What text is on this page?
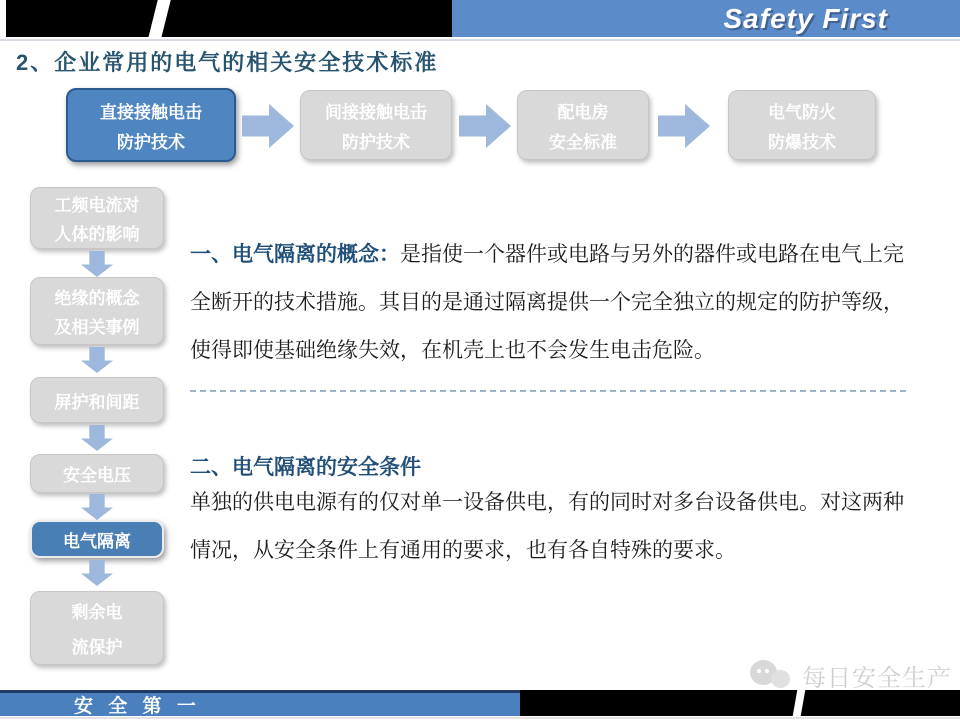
Safety First
2、企业常用的电气的相关安全技术标准
直接接触电击
防护技术
间接接触电击
防护技术
配电房
安全标准
电气防火
防爆技术
工频电流对
人体的影响
绝缘的概念
及相关事例
屏护和间距
安全电压
电气隔离
剩余电
流保护

一、电气隔离的概念：是指使一个器件或电路与另外的器件或电路在电气上完全断开的技术措施。其目的是通过隔离提供一个完全独立的规定的防护等级，使得即使基础绝缘失效，在机壳上也不会发生电击危险。

二、电气隔离的安全条件

单独的供电电源有的仅对单一设备供电，有的同时对多台设备供电。对这两种情况，从安全条件上有通用的要求，也有各自特殊的要求。

每日安全生产
安 全 第 一
